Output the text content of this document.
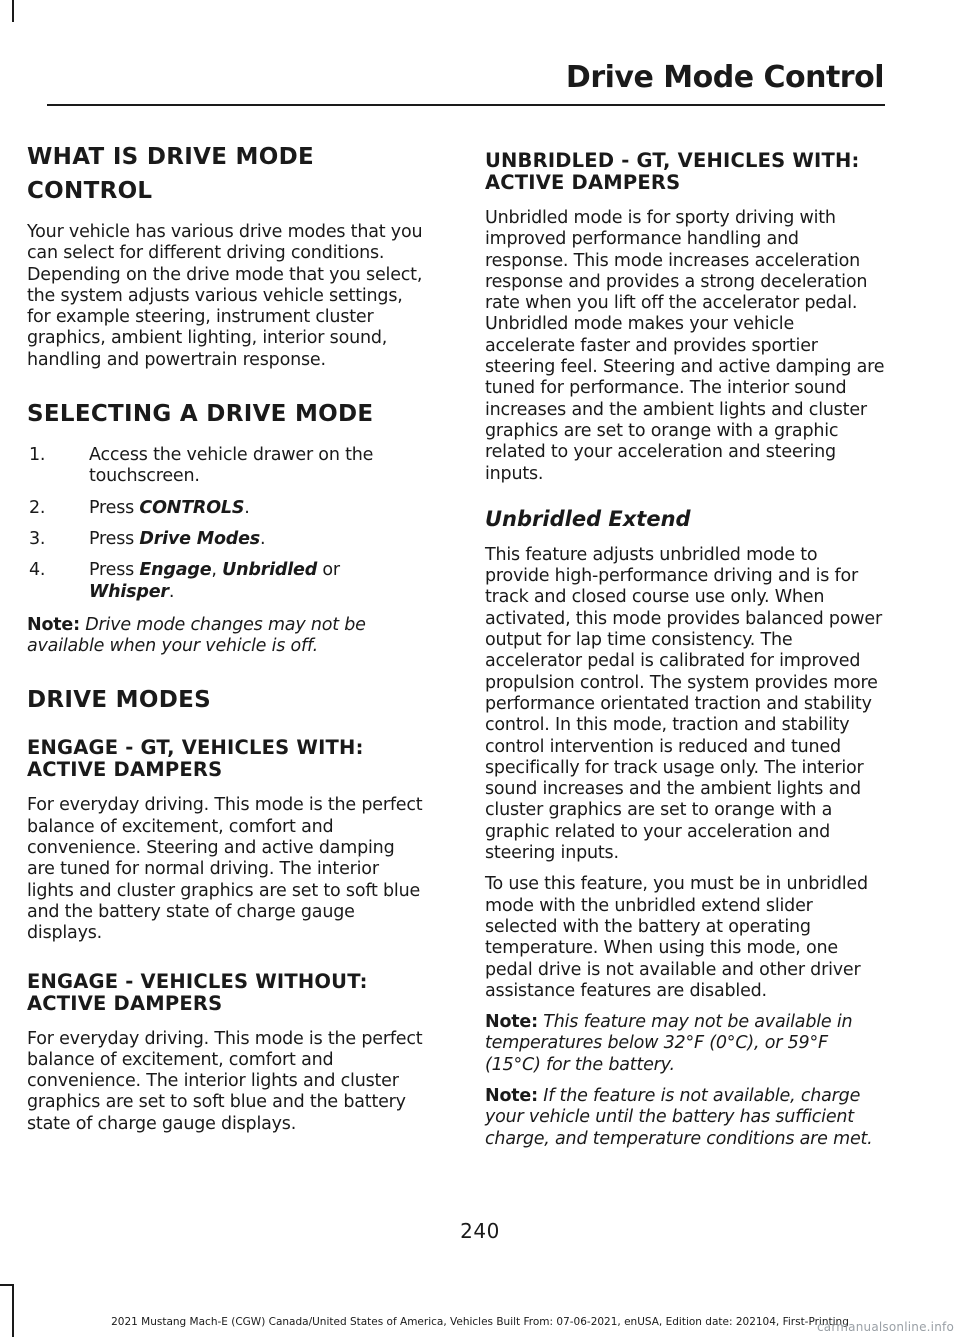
Drive Mode Control
WHAT IS DRIVE MODE
CONTROL

Your vehicle has various drive modes that you can select for different driving conditions. Depending on the drive mode that you select, the system adjusts various vehicle settings, for example steering, instrument cluster graphics, ambient lighting, interior sound, handling and powertrain response.

SELECTING A DRIVE MODE
1. Access the vehicle drawer on the touchscreen.
2. Press CONTROLS.
3. Press Drive Modes.
4. Press Engage, Unbridled or Whisper.

Note: Drive mode changes may not be available when your vehicle is off.

DRIVE MODES
ENGAGE - GT, VEHICLES WITH: ACTIVE DAMPERS

For everyday driving. This mode is the perfect balance of excitement, comfort and convenience. Steering and active damping are tuned for normal driving. The interior lights and cluster graphics are set to soft blue and the battery state of charge gauge displays.

ENGAGE - VEHICLES WITHOUT: ACTIVE DAMPERS

For everyday driving. This mode is the perfect balance of excitement, comfort and convenience. The interior lights and cluster graphics are set to soft blue and the battery state of charge gauge displays.

UNBRIDLED - GT, VEHICLES WITH: ACTIVE DAMPERS

Unbridled mode is for sporty driving with improved performance handling and response. This mode increases acceleration response and provides a strong deceleration rate when you lift off the accelerator pedal. Unbridled mode makes your vehicle accelerate faster and provides sportier steering feel. Steering and active damping are tuned for performance. The interior sound increases and the ambient lights and cluster graphics are set to orange with a graphic related to your acceleration and steering inputs.

Unbridled Extend

This feature adjusts unbridled mode to provide high-performance driving and is for track and closed course use only. When activated, this mode provides balanced power output for lap time consistency. The accelerator pedal is calibrated for improved propulsion control. The system provides more performance orientated traction and stability control. In this mode, traction and stability control intervention is reduced and tuned specifically for track usage only. The interior sound increases and the ambient lights and cluster graphics are set to orange with a graphic related to your acceleration and steering inputs.

To use this feature, you must be in unbridled mode with the unbridled extend slider selected with the battery at operating temperature. When using this mode, one pedal drive is not available and other driver assistance features are disabled.

Note: This feature may not be available in temperatures below 32°F (0°C), or 59°F (15°C) for the battery.

Note: If the feature is not available, charge your vehicle until the battery has sufficient charge, and temperature conditions are met.

240
2021 Mustang Mach-E (CGW) Canada/United States of America, Vehicles Built From: 07-06-2021, enUSA, Edition date: 202104, First-Printing
carmanualsonline.info
